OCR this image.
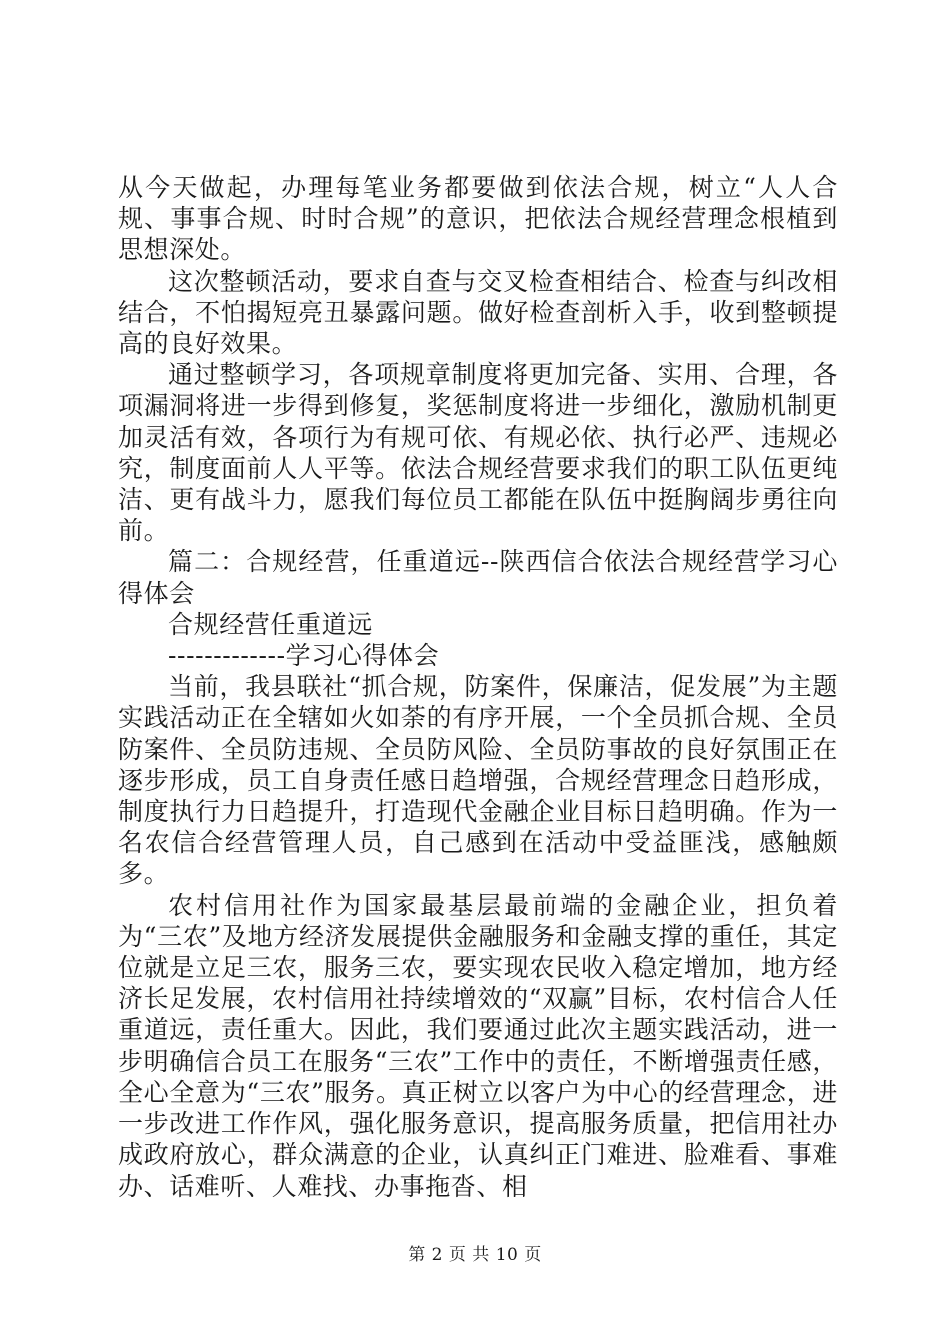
从今天做起，办理每笔业务都要做到依法合规，树立“人人合规、事事合规、时时合规”的意识，把依法合规经营理念根植到思想深处。

这次整顿活动，要求自查与交叉检查相结合、检查与纠改相结合，不怕揭短亮丑暴露问题。做好检查剖析入手，收到整顿提高的良好效果。

通过整顿学习，各项规章制度将更加完备、实用、合理，各项漏洞将进一步得到修复，奖惩制度将进一步细化，激励机制更加灵活有效，各项行为有规可依、有规必依、执行必严、违规必究，制度面前人人平等。依法合规经营要求我们的职工队伍更纯洁、更有战斗力，愿我们每位员工都能在队伍中挺胸阔步勇往向前。

篇二：合规经营，任重道远--陕西信合依法合规经营学习心得体会

合规经营任重道远

-------------学习心得体会

当前，我县联社“抓合规，防案件，保廉洁，促发展”为主题实践活动正在全辖如火如荼的有序开展，一个全员抓合规、全员防案件、全员防违规、全员防风险、全员防事故的良好氛围正在逐步形成，员工自身责任感日趋增强，合规经营理念日趋形成，制度执行力日趋提升，打造现代金融企业目标日趋明确。作为一名农信合经营管理人员，自己感到在活动中受益匪浅，感触颇多。

农村信用社作为国家最基层最前端的金融企业，担负着为“三农”及地方经济发展提供金融服务和金融支撑的重任，其定位就是立足三农，服务三农，要实现农民收入稳定增加，地方经济长足发展，农村信用社持续增效的“双赢”目标，农村信合人任重道远，责任重大。因此，我们要通过此次主题实践活动，进一步明确信合员工在服务“三农”工作中的责任，不断增强责任感，全心全意为“三农”服务。真正树立以客户为中心的经营理念，进一步改进工作作风，强化服务意识，提高服务质量，把信用社办成政府放心，群众满意的企业，认真纠正门难进、脸难看、事难办、话难听、人难找、办事拖沓、相

第 2 页 共 10 页
